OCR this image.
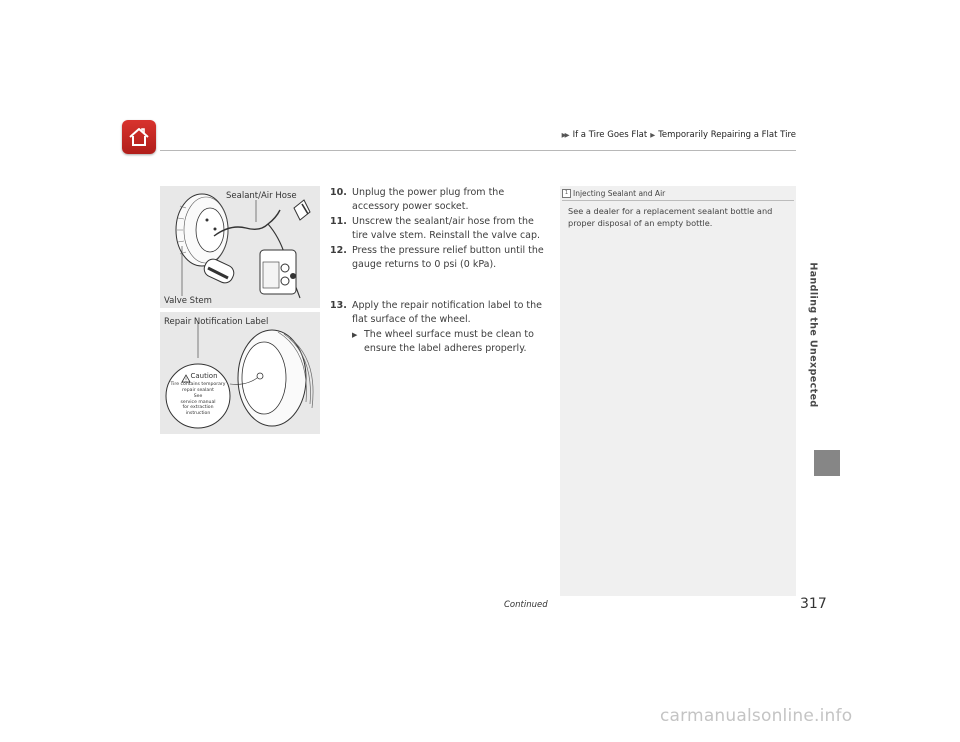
▶▶ If a Tire Goes Flat ▶ Temporarily Repairing a Flat Tire
Handling the Unexpected
Sealant/Air Hose
Valve Stem
!
Repair Notification Label
Caution
Tire contains temporary
repair sealant
See
service manual
for extraction
instruction
10. Unplug the power plug from the accessory power socket.
11. Unscrew the sealant/air hose from the tire valve stem. Reinstall the valve cap.
12. Press the pressure relief button until the gauge returns to 0 psi (0 kPa).
13. Apply the repair notification label to the flat surface of the wheel.
▶ The wheel surface must be clean to ensure the label adheres properly.
1 Injecting Sealant and Air
See a dealer for a replacement sealant bottle and proper disposal of an empty bottle.
Continued	317
carmanualsonline.info
